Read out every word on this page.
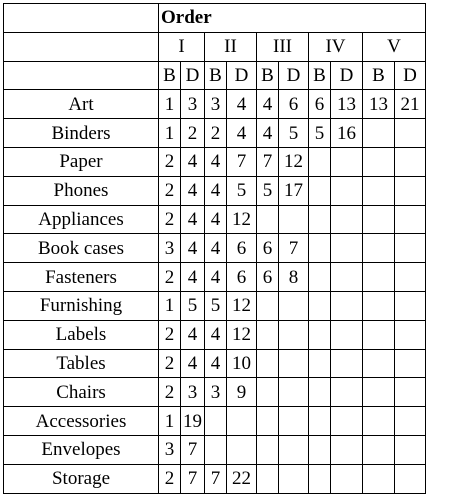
	Order									
	I		II		III		IV		V	
	B	D	B	D	B	D	B	D	B	D
Art	1	3	3	4	4	6	6	13	13	21
Binders	1	2	2	4	4	5	5	16		
Paper	2	4	4	7	7	12				
Phones	2	4	4	5	5	17				
Appliances	2	4	4	12						
Book cases	3	4	4	6	6	7				
Fasteners	2	4	4	6	6	8				
Furnishing	1	5	5	12						
Labels	2	4	4	12						
Tables	2	4	4	10						
Chairs	2	3	3	9						
Accessories	1	19								
Envelopes	3	7								
Storage	2	7	7	22						
